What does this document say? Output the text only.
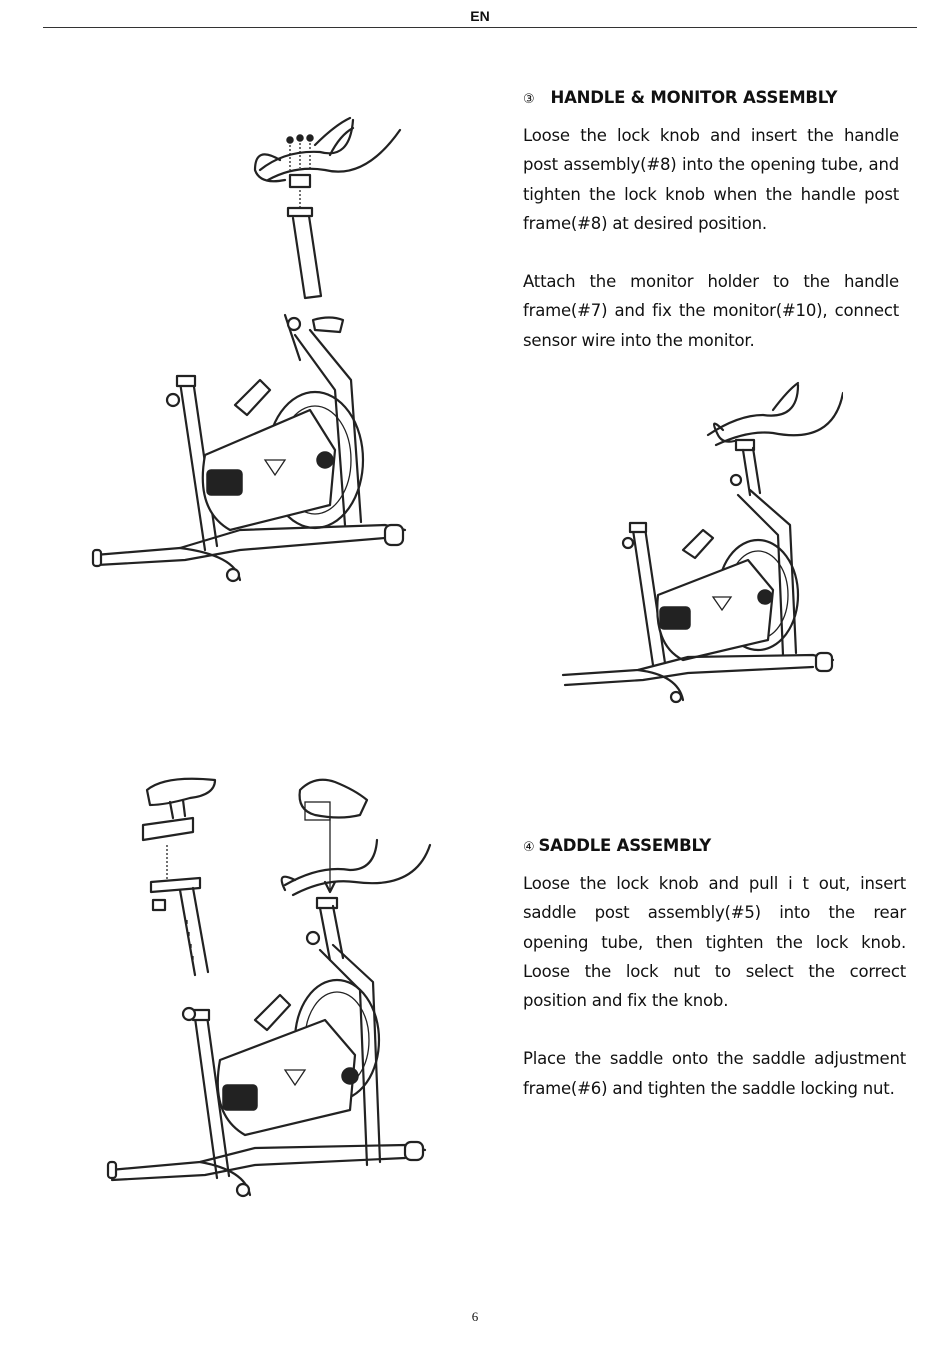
EN
③ HANDLE & MONITOR ASSEMBLY

Loose the lock knob and insert the handle post assembly(#8) into the opening tube, and tighten the lock knob when the handle post frame(#8) at desired position.

Attach the monitor holder to the handle frame(#7) and fix the monitor(#10), connect sensor wire into the monitor.

④ SADDLE ASSEMBLY

Loose the lock knob and pull i t out, insert saddle post assembly(#5) into the rear opening tube, then tighten the lock knob. Loose the lock nut to select the correct position and fix the knob.

Place the saddle onto the saddle adjustment frame(#6) and tighten the saddle locking nut.

6
